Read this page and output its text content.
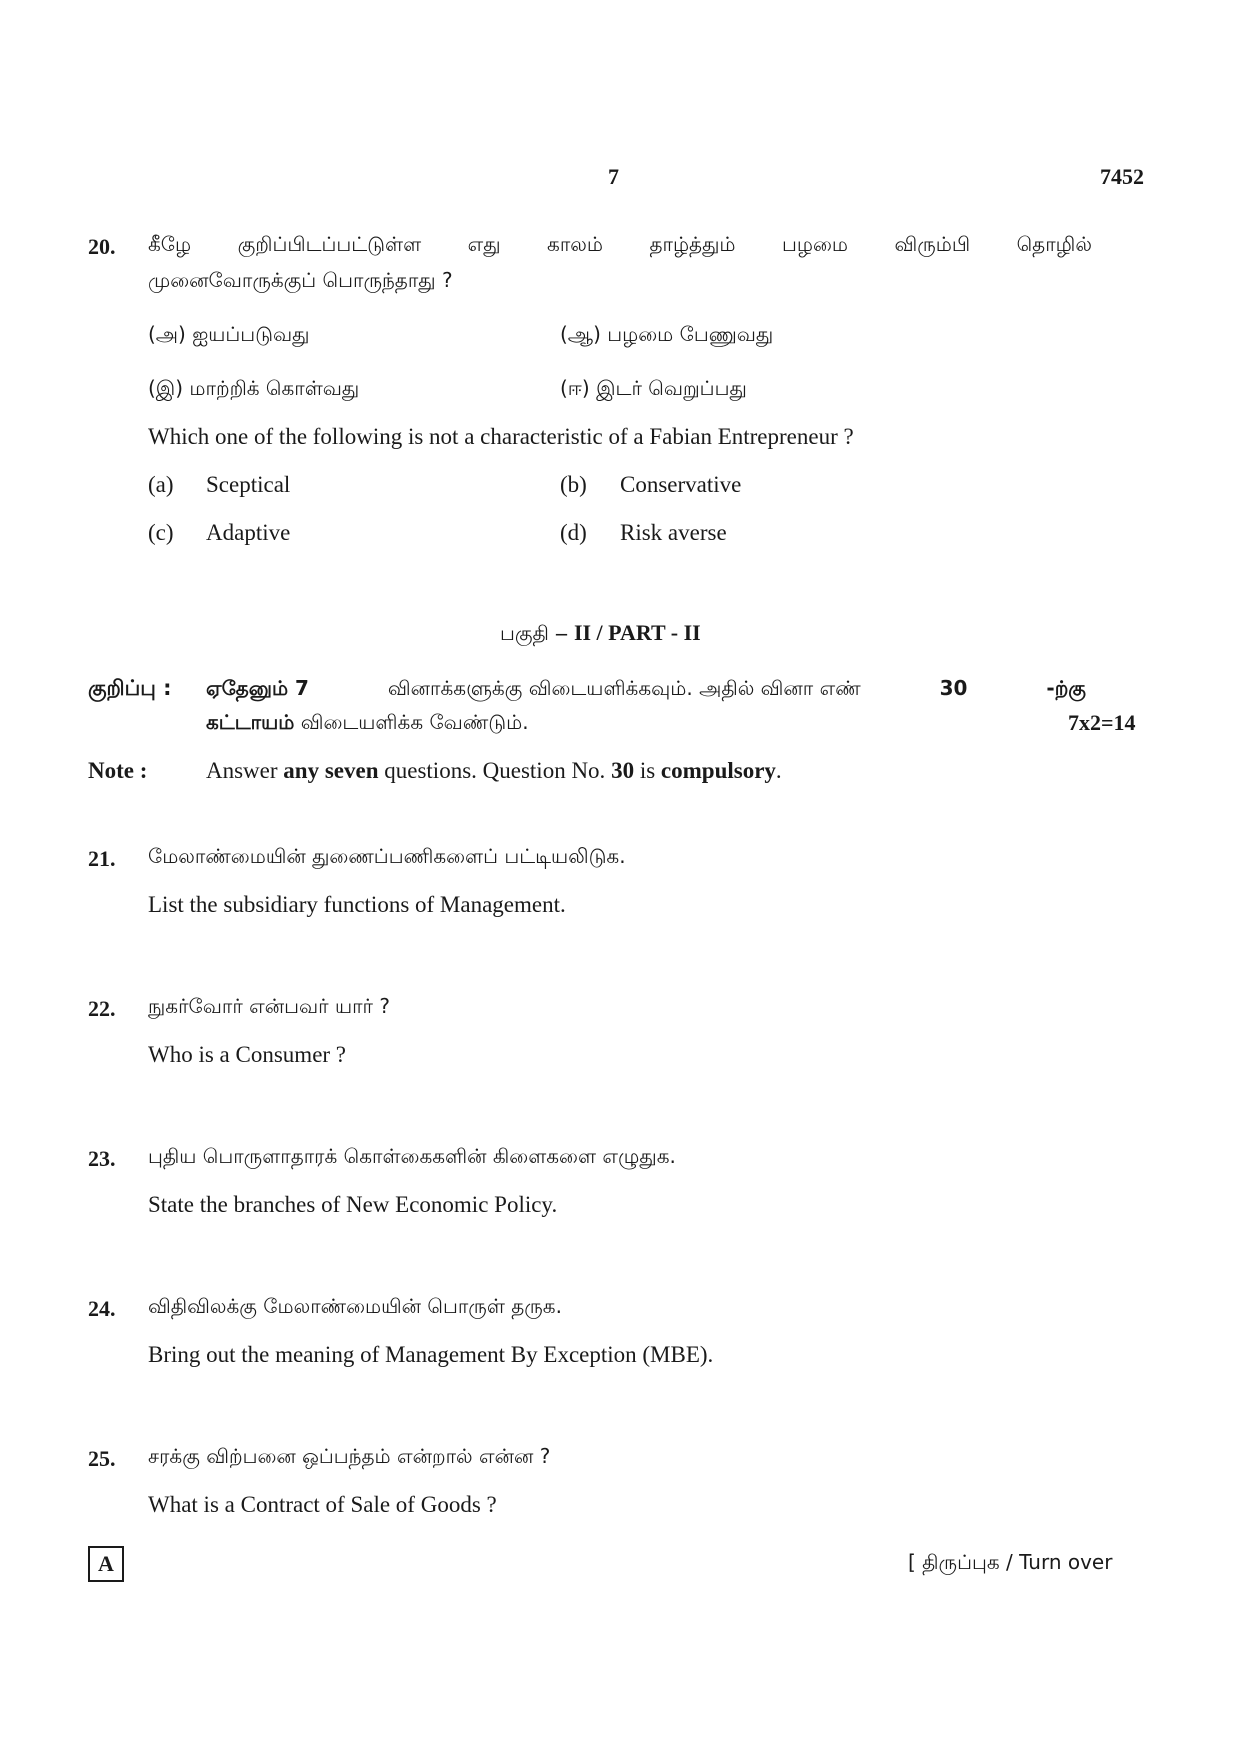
7	7452
20. கீழே குறிப்பிடப்பட்டுள்ள எது காலம் தாழ்த்தும் பழமை விரும்பி தொழில்
முனைவோருக்குப் பொருந்தாது ?
(அ) ஐயப்படுவது	(ஆ) பழமை பேணுவது
(இ) மாற்றிக் கொள்வது	(ஈ) இடர் வெறுப்பது
Which one of the following is not a characteristic of a Fabian Entrepreneur ?
(a) Sceptical	(b) Conservative
(c) Adaptive	(d) Risk averse
பகுதி – II / PART - II
குறிப்பு : ஏதேனும் 7	வினாக்களுக்கு விடையளிக்கவும். அதில் வினா எண்	30	-ற்கு
கட்டாயம் விடையளிக்க வேண்டும்.	7x2=14
Note :	Answer any seven questions. Question No. 30 is compulsory.
21. மேலாண்மையின் துணைப்பணிகளைப் பட்டியலிடுக.
List the subsidiary functions of Management.
22. நுகர்வோர் என்பவர் யார் ?
Who is a Consumer ?
23. புதிய பொருளாதாரக் கொள்கைகளின் கிளைகளை எழுதுக.
State the branches of New Economic Policy.
24. விதிவிலக்கு மேலாண்மையின் பொருள் தருக.
Bring out the meaning of Management By Exception (MBE).
25. சரக்கு விற்பனை ஒப்பந்தம் என்றால் என்ன ?
What is a Contract of Sale of Goods ?
A	[ திருப்புக / Turn over
